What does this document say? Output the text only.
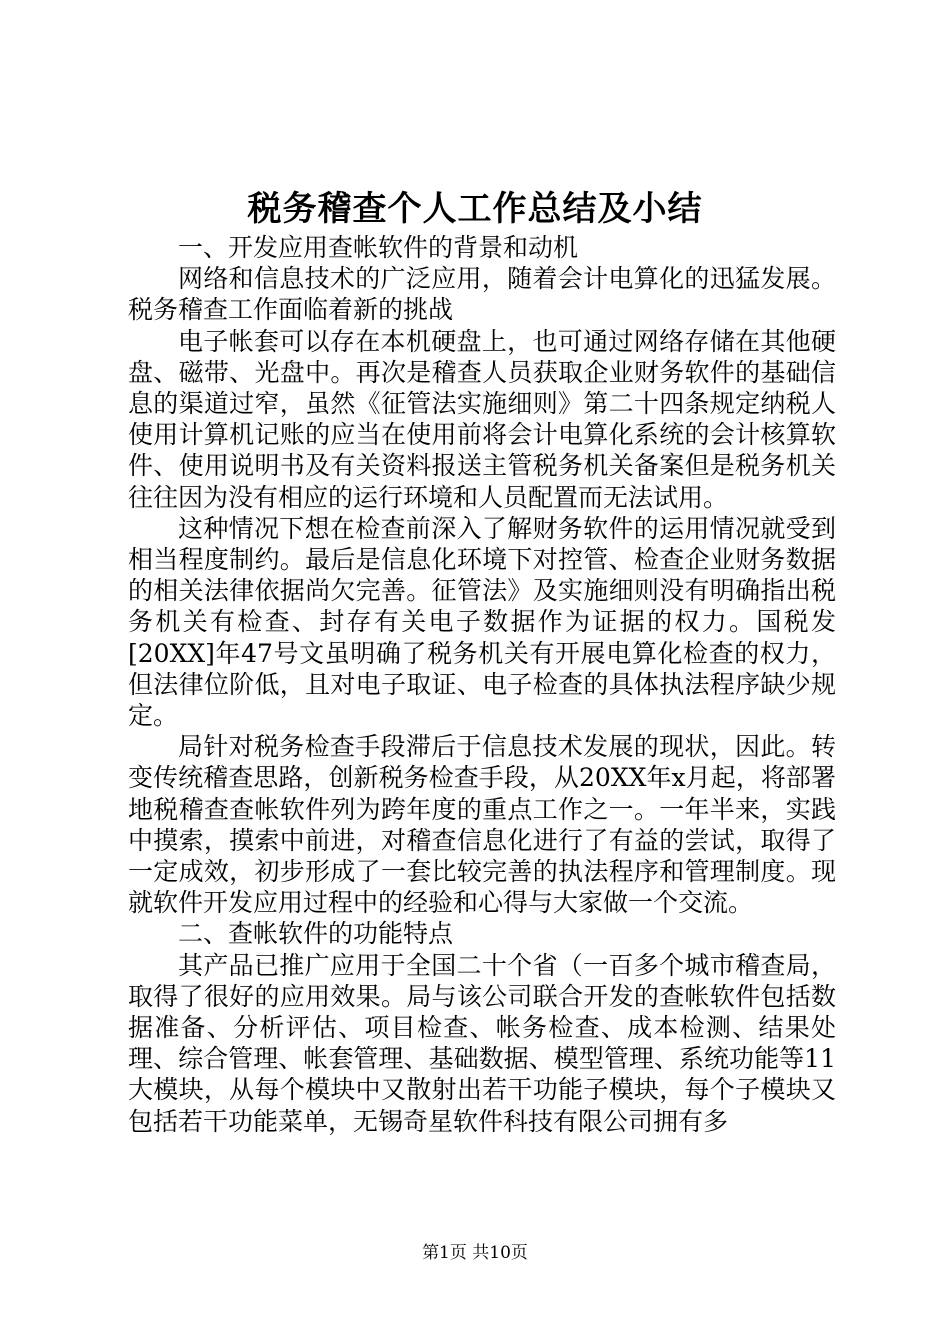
税务稽查个人工作总结及小结

一、开发应用查帐软件的背景和动机

网络和信息技术的广泛应用，随着会计电算化的迅猛发展。税务稽查工作面临着新的挑战

电子帐套可以存在本机硬盘上，也可通过网络存储在其他硬盘、磁带、光盘中。再次是稽查人员获取企业财务软件的基础信息的渠道过窄，虽然《征管法实施细则》第二十四条规定纳税人使用计算机记账的应当在使用前将会计电算化系统的会计核算软件、使用说明书及有关资料报送主管税务机关备案但是税务机关往往因为没有相应的运行环境和人员配置而无法试用。

这种情况下想在检查前深入了解财务软件的运用情况就受到相当程度制约。最后是信息化环境下对控管、检查企业财务数据的相关法律依据尚欠完善。征管法》及实施细则没有明确指出税务机关有检查、封存有关电子数据作为证据的权力。国税发[20XX]年47号文虽明确了税务机关有开展电算化检查的权力，但法律位阶低，且对电子取证、电子检查的具体执法程序缺少规定。

局针对税务检查手段滞后于信息技术发展的现状，因此。转变传统稽查思路，创新税务检查手段，从20XX年x月起，将部署地税稽查查帐软件列为跨年度的重点工作之一。一年半来，实践中摸索，摸索中前进，对稽查信息化进行了有益的尝试，取得了一定成效，初步形成了一套比较完善的执法程序和管理制度。现就软件开发应用过程中的经验和心得与大家做一个交流。

二、查帐软件的功能特点

其产品已推广应用于全国二十个省（一百多个城市稽查局，取得了很好的应用效果。局与该公司联合开发的查帐软件包括数据准备、分析评估、项目检查、帐务检查、成本检测、结果处理、综合管理、帐套管理、基础数据、模型管理、系统功能等11大模块，从每个模块中又散射出若干功能子模块，每个子模块又包括若干功能菜单，无锡奇星软件科技有限公司拥有多

第1页 共10页
